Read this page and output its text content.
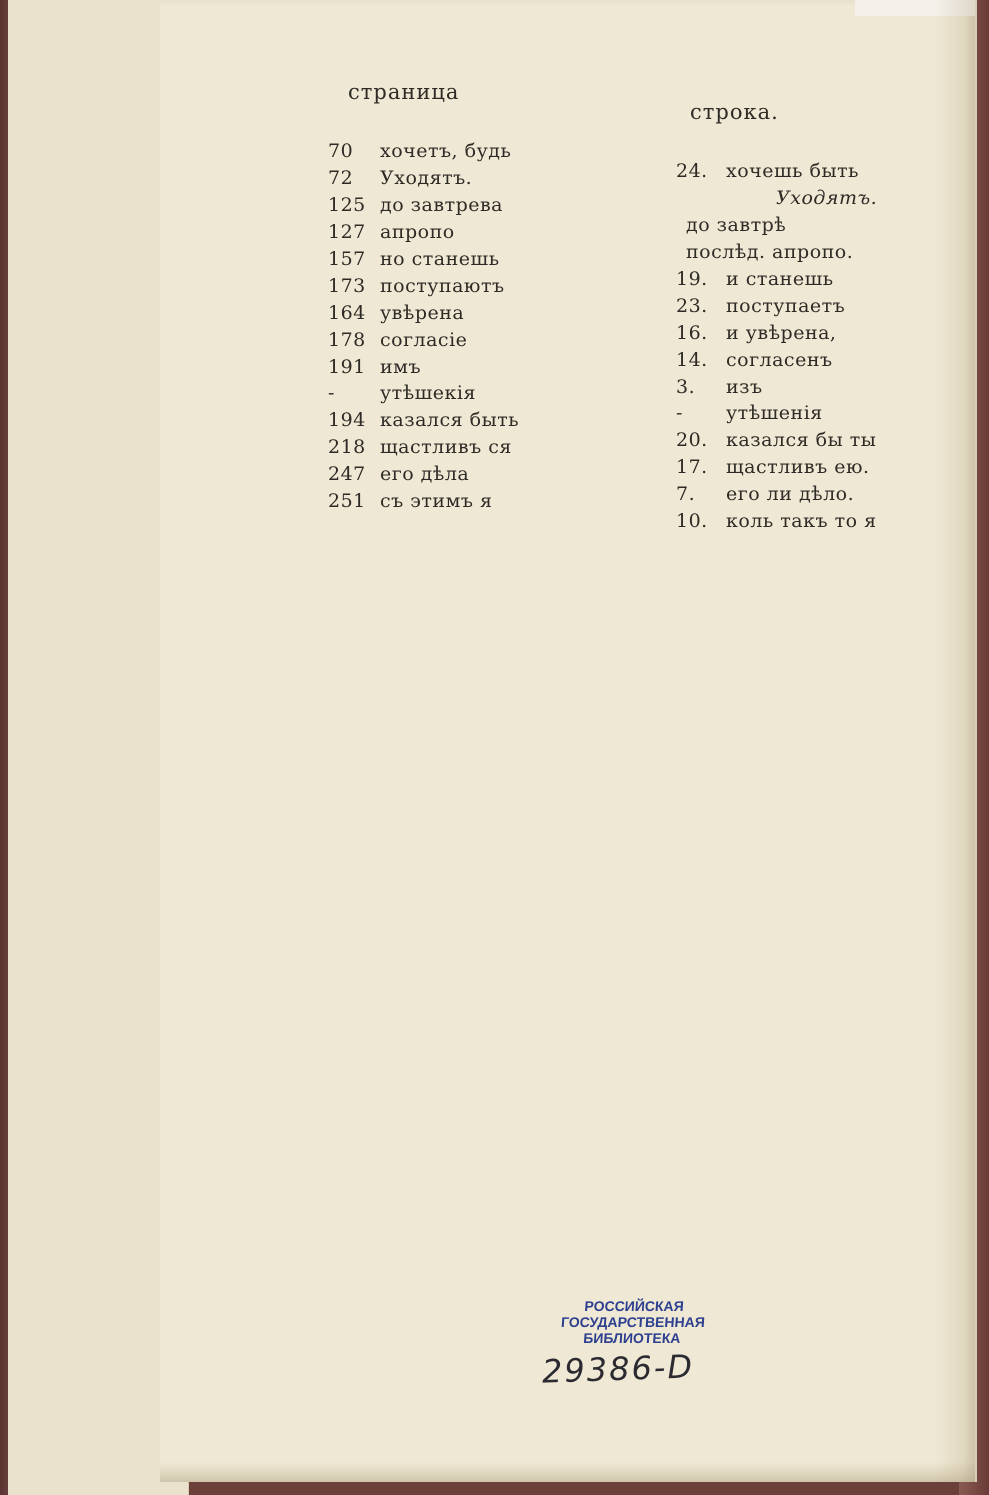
страница
строка.
70	хочетъ, будь
72	Уходятъ.
125 до завтрева
127 апропо
157 но станешь
173 поступаютъ
164 увѣрена
178 согласіе
191 имъ
-	утѣшекія
194 казался быть
218 щастливъ ся
247 его дѣла
251 съ этимъ я
24. хочешь быть
Уходятъ.
до завтрѣ
послѣд. апропо.
19. и станешь
23. поступаетъ
16. и увѣрена,
14. согласенъ
3.	изъ
-	утѣшенія
20. казался бы ты
17. щастливъ ею.
7.	его ли дѣло.
10. коль такъ то я
РОССИЙСКАЯ
ГОСУДАРСТВЕННАЯ
БИБЛИОТЕКА
29386-D
